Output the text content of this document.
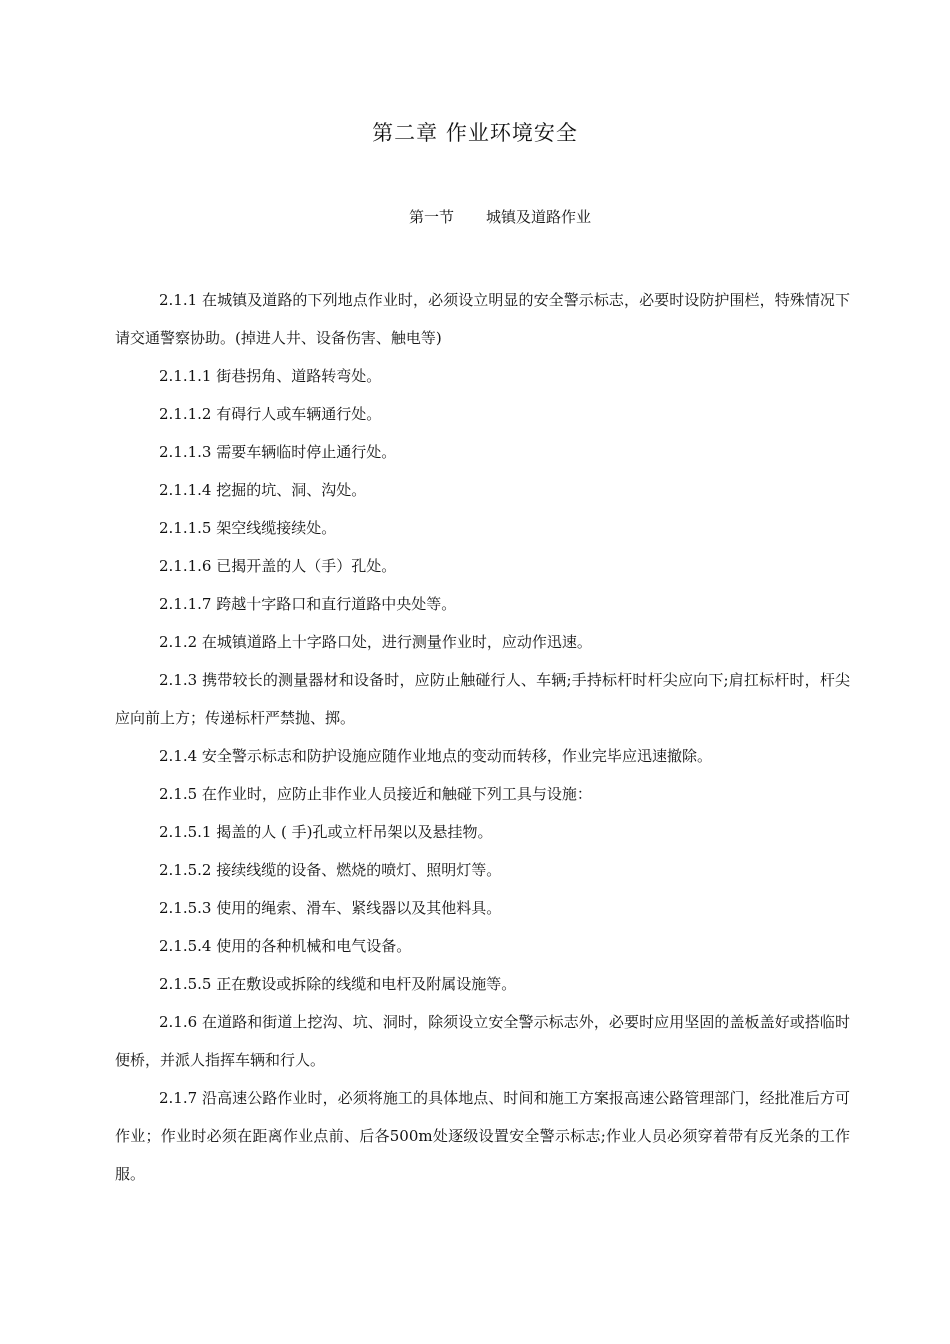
第二章 作业环境安全
第一节 城镇及道路作业

2.1.1 在城镇及道路的下列地点作业时，必须设立明显的安全警示标志，必要时设防护围栏，特殊情况下请交通警察协助。(掉进人井、设备伤害、触电等)

2.1.1.1 街巷拐角、道路转弯处。

2.1.1.2 有碍行人或车辆通行处。

2.1.1.3 需要车辆临时停止通行处。

2.1.1.4 挖掘的坑、洞、沟处。

2.1.1.5 架空线缆接续处。

2.1.1.6 已揭开盖的人（手）孔处。

2.1.1.7 跨越十字路口和直行道路中央处等。

2.1.2 在城镇道路上十字路口处，进行测量作业时，应动作迅速。

2.1.3 携带较长的测量器材和设备时，应防止触碰行人、车辆;手持标杆时杆尖应向下;肩扛标杆时，杆尖应向前上方；传递标杆严禁抛、掷。

2.1.4 安全警示标志和防护设施应随作业地点的变动而转移，作业完毕应迅速撤除。

2.1.5 在作业时，应防止非作业人员接近和触碰下列工具与设施：

2.1.5.1 揭盖的人 ( 手)孔或立杆吊架以及悬挂物。

2.1.5.2 接续线缆的设备、燃烧的喷灯、照明灯等。

2.1.5.3 使用的绳索、滑车、紧线器以及其他料具。

2.1.5.4 使用的各种机械和电气设备。

2.1.5.5 正在敷设或拆除的线缆和电杆及附属设施等。

2.1.6 在道路和街道上挖沟、坑、洞时，除须设立安全警示标志外，必要时应用坚固的盖板盖好或搭临时便桥，并派人指挥车辆和行人。

2.1.7 沿高速公路作业时，必须将施工的具体地点、时间和施工方案报高速公路管理部门，经批准后方可作业；作业时必须在距离作业点前、后各500m处逐级设置安全警示标志;作业人员必须穿着带有反光条的工作服。
